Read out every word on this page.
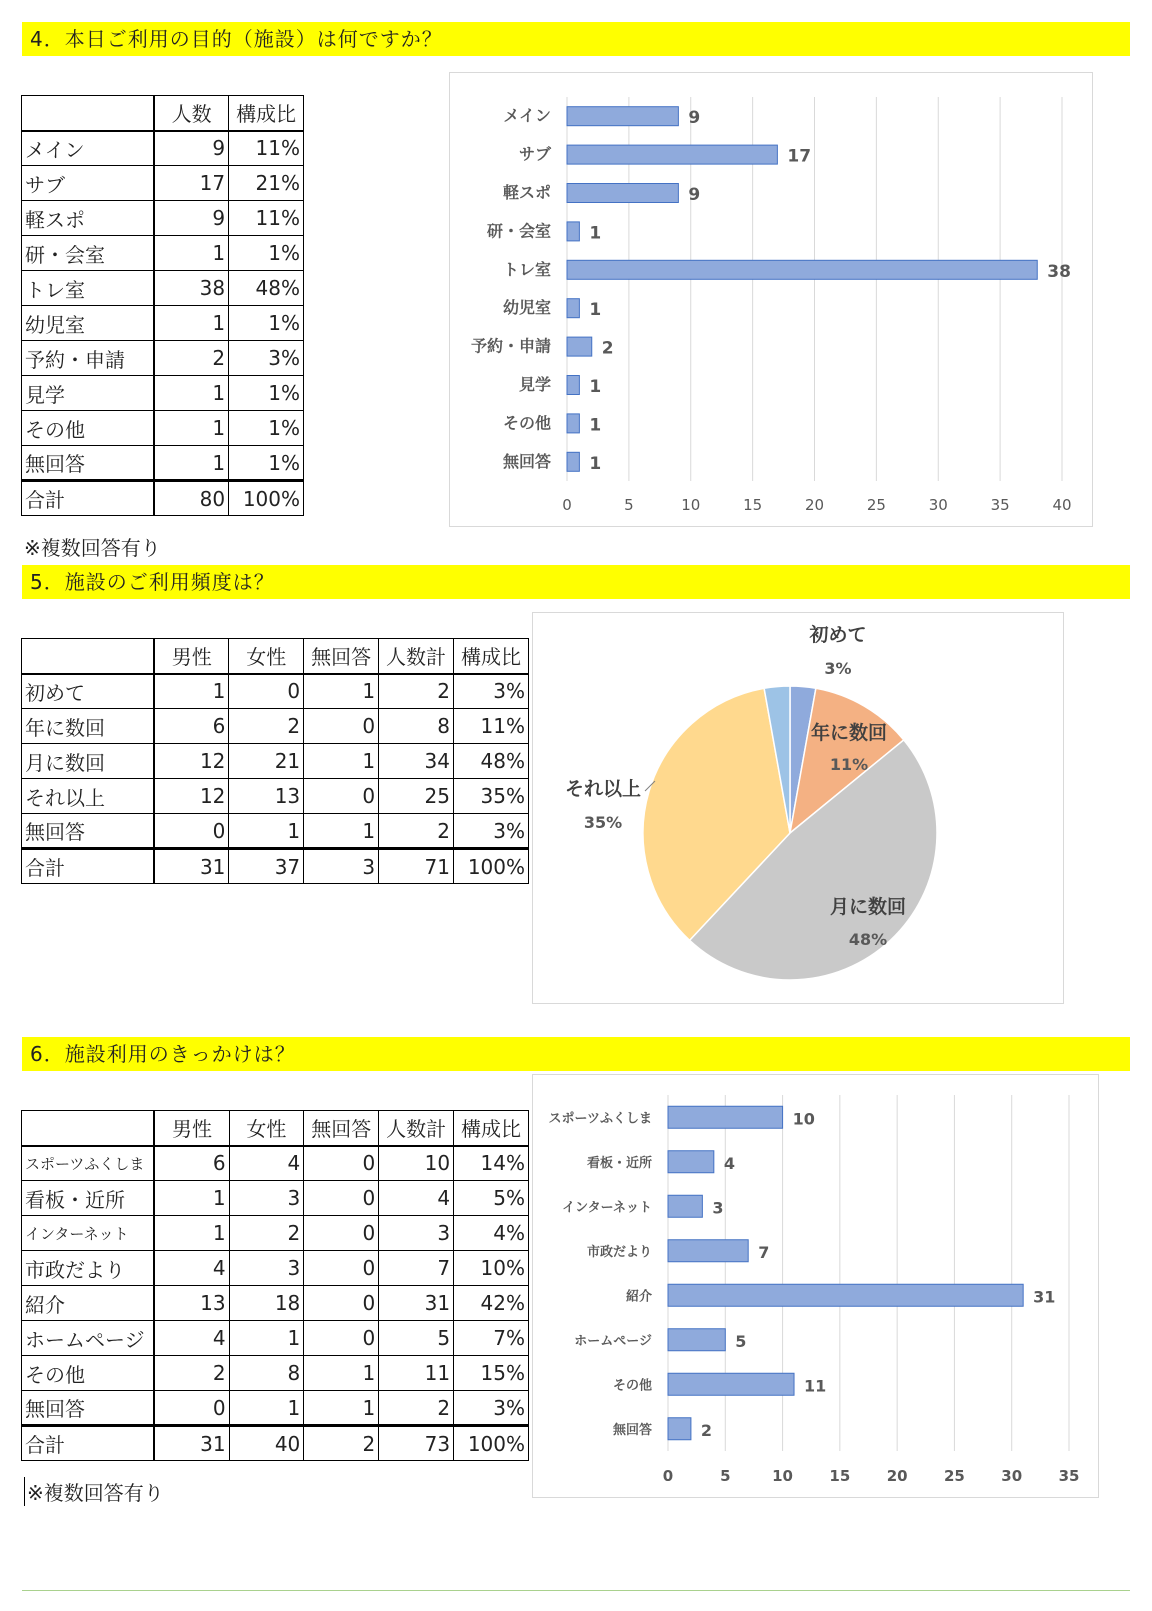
4．本日ご利用の目的（施設）は何ですか？
	人数	構成比
メイン	9	11%
サブ	17	21%
軽スポ	9	11%
研・会室	1	1%
トレ室	38	48%
幼児室	1	1%
予約・申請	2	3%
見学	1	1%
その他	1	1%
無回答	1	1%
合計	80	100%
※複数回答有り
0	5	10	15	20	25	30	35	40
メイン	9
サブ	17
軽スポ	9
研・会室 1
トレ室	38
幼児室 1
予約・申請	2
見学 1
その他 1
無回答 1
5．施設のご利用頻度は？
	男性	女性	無回答	人数計	構成比
初めて	1	0	1	2	3%
年に数回	6	2	0	8	11%
月に数回	12	21	1	34	48%
それ以上	12	13	0	25	35%
無回答	0	1	1	2	3%
合計	31	37	3	71	100%
初めて
3%
年に数回
11%
月に数回
48%
それ以上
35%
6．施設利用のきっかけは？
	男性	女性	無回答	人数計	構成比
スポーツふくしま	6	4	0	10	14%
看板・近所	1	3	0	4	5%
インターネット	1	2	0	3	4%
市政だより	4	3	0	7	10%
紹介	13	18	0	31	42%
ホームページ	4	1	0	5	7%
その他	2	8	1	11	15%
無回答	0	1	1	2	3%
合計	31	40	2	73	100%
※複数回答有り
0	5	10 15 20 25 30 35
スポーツふくしま	10
看板・近所	4
インターネット	3
市政だより	7
紹介	31
ホームページ	5
その他	11
無回答	2
